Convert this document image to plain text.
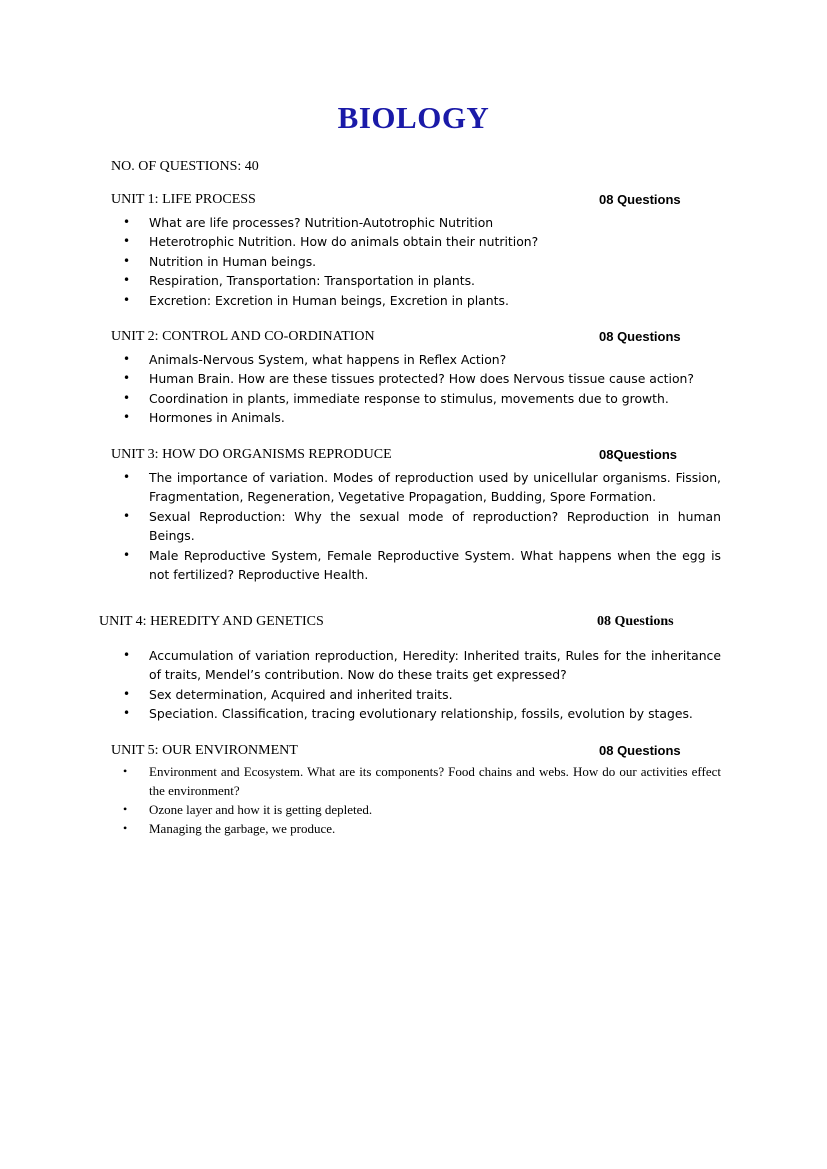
BIOLOGY
NO. OF QUESTIONS: 40
UNIT 1: LIFE PROCESS	08 Questions
• What are life processes? Nutrition-Autotrophic Nutrition
• Heterotrophic Nutrition. How do animals obtain their nutrition?
• Nutrition in Human beings.
• Respiration, Transportation: Transportation in plants.
• Excretion: Excretion in Human beings, Excretion in plants.
UNIT 2: CONTROL AND CO-ORDINATION	08 Questions
• Animals-Nervous System, what happens in Reflex Action?
• Human Brain. How are these tissues protected? How does Nervous tissue cause action?
• Coordination in plants, immediate response to stimulus, movements due to growth.
• Hormones in Animals.
UNIT 3: HOW DO ORGANISMS REPRODUCE	08Questions
• The importance of variation. Modes of reproduction used by unicellular organisms. Fission, Fragmentation, Regeneration, Vegetative Propagation, Budding, Spore Formation.
• Sexual Reproduction: Why the sexual mode of reproduction? Reproduction in human Beings.
• Male Reproductive System, Female Reproductive System. What happens when the egg is not fertilized? Reproductive Health.
UNIT 4: HEREDITY AND GENETICS	08 Questions
• Accumulation of variation reproduction, Heredity: Inherited traits, Rules for the inheritance of traits, Mendel’s contribution. Now do these traits get expressed?
• Sex determination, Acquired and inherited traits.
• Speciation. Classification, tracing evolutionary relationship, fossils, evolution by stages.
UNIT 5: OUR ENVIRONMENT	08 Questions
• Environment and Ecosystem. What are its components? Food chains and webs. How do our activities effect the environment?
• Ozone layer and how it is getting depleted.
• Managing the garbage, we produce.
